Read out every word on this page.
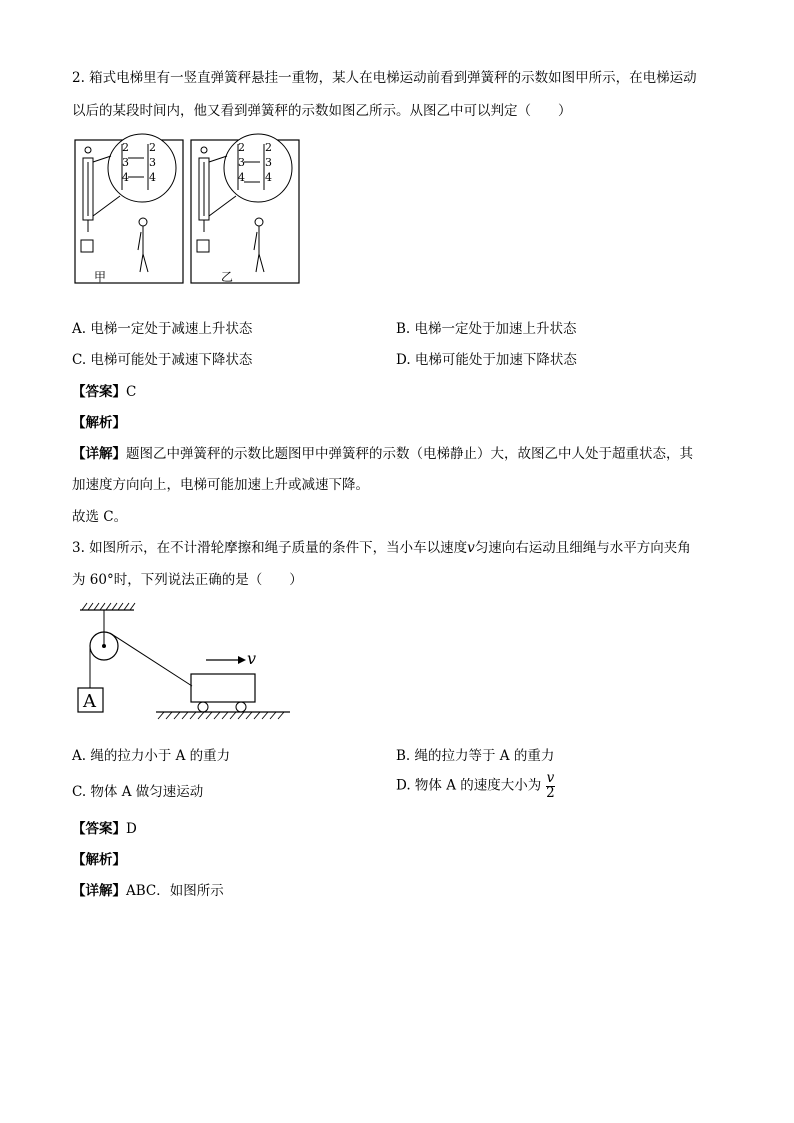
2. 箱式电梯里有一竖直弹簧秤悬挂一重物，某人在电梯运动前看到弹簧秤的示数如图甲所示，在电梯运动
以后的某段时间内，他又看到弹簧秤的示数如图乙所示。从图乙中可以判定（　　）
甲
2
3
4
2
3
4
乙
2
3
4
2
3
4
A. 电梯一定处于减速上升状态	B. 电梯一定处于加速上升状态
C. 电梯可能处于减速下降状态	D. 电梯可能处于加速下降状态
【答案】C
【解析】
【详解】题图乙中弹簧秤的示数比题图甲中弹簧秤的示数（电梯静止）大，故图乙中人处于超重状态，其
加速度方向向上，电梯可能加速上升或减速下降。
故选 C。
3. 如图所示，在不计滑轮摩擦和绳子质量的条件下，当小车以速度v匀速向右运动且细绳与水平方向夹角
为 60°时，下列说法正确的是（　　）
A
v
A. 绳的拉力小于 A 的重力	B. 绳的拉力等于 A 的重力
C. 物体 A 做匀速运动	D. 物体 A 的速度大小为 $\frac{v}{2}$
【答案】D
【解析】
【详解】ABC．如图所示
